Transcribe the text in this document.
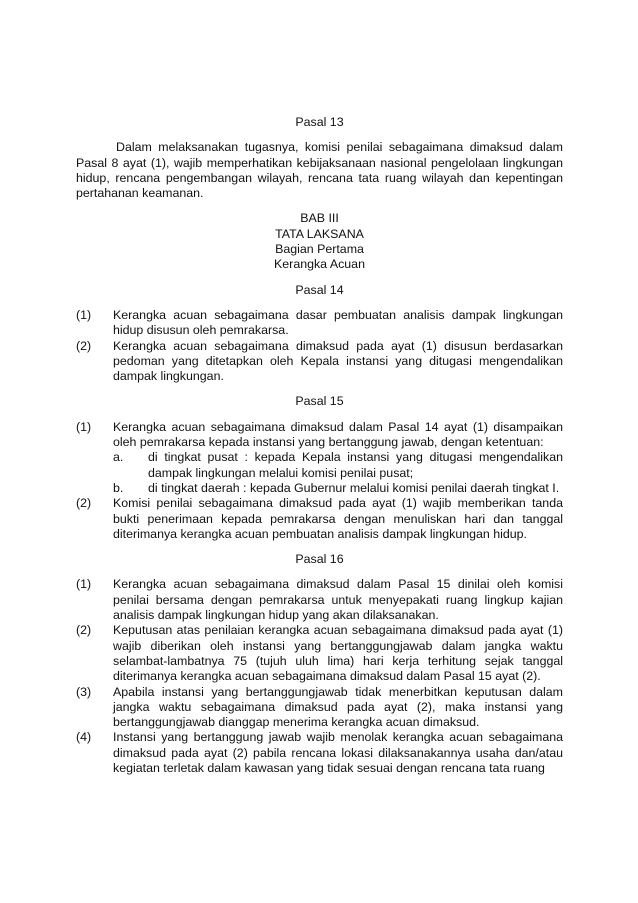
Pasal 13
Dalam melaksanakan tugasnya, komisi penilai sebagaimana dimaksud dalam Pasal 8 ayat (1), wajib memperhatikan kebijaksanaan nasional pengelolaan lingkungan hidup, rencana pengembangan wilayah, rencana tata ruang wilayah dan kepentingan pertahanan keamanan.
BAB III
TATA LAKSANA
Bagian Pertama
Kerangka Acuan
Pasal 14
(1) Kerangka acuan sebagaimana dasar pembuatan analisis dampak lingkungan hidup disusun oleh pemrakarsa.
(2) Kerangka acuan sebagaimana dimaksud pada ayat (1) disusun berdasarkan pedoman yang ditetapkan oleh Kepala instansi yang ditugasi mengendalikan dampak lingkungan.
Pasal 15
(1) Kerangka acuan sebagaimana dimaksud dalam Pasal 14 ayat (1) disampaikan oleh pemrakarsa kepada instansi yang bertanggung jawab, dengan ketentuan:
a. di tingkat pusat : kepada Kepala instansi yang ditugasi mengendalikan dampak lingkungan melalui komisi penilai pusat;
b. di tingkat daerah : kepada Gubernur melalui komisi penilai daerah tingkat I.
(2) Komisi penilai sebagaimana dimaksud pada ayat (1) wajib memberikan tanda bukti penerimaan kepada pemrakarsa dengan menuliskan hari dan tanggal diterimanya kerangka acuan pembuatan analisis dampak lingkungan hidup.
Pasal 16
(1) Kerangka acuan sebagaimana dimaksud dalam Pasal 15 dinilai oleh komisi penilai bersama dengan pemrakarsa untuk menyepakati ruang lingkup kajian analisis dampak lingkungan hidup yang akan dilaksanakan.
(2) Keputusan atas penilaian kerangka acuan sebagaimana dimaksud pada ayat (1) wajib diberikan oleh instansi yang bertanggungjawab dalam jangka waktu selambat-lambatnya 75 (tujuh uluh lima) hari kerja terhitung sejak tanggal diterimanya kerangka acuan sebagaimana dimaksud dalam Pasal 15 ayat (2).
(3) Apabila instansi yang bertanggungjawab tidak menerbitkan keputusan dalam jangka waktu sebagaimana dimaksud pada ayat (2), maka instansi yang bertanggungjawab dianggap menerima kerangka acuan dimaksud.
(4) Instansi yang bertanggung jawab wajib menolak kerangka acuan sebagaimana dimaksud pada ayat (2) pabila rencana lokasi dilaksanakannya usaha dan/atau kegiatan terletak dalam kawasan yang tidak sesuai dengan rencana tata ruang
